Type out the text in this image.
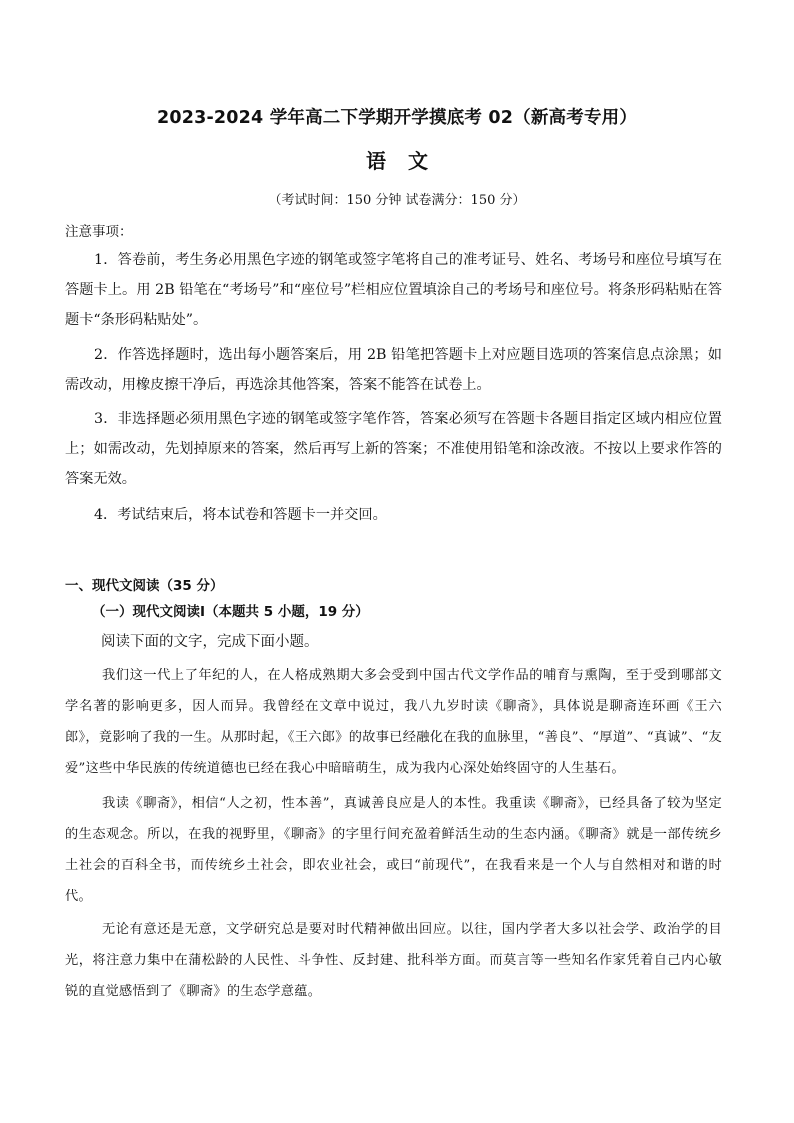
2023-2024 学年高二下学期开学摸底考 02（新高考专用）
语文
（考试时间：150 分钟 试卷满分：150 分）
注意事项：

1．答卷前，考生务必用黑色字迹的钢笔或签字笔将自己的准考证号、姓名、考场号和座位号填写在答题卡上。用 2B 铅笔在“考场号”和“座位号”栏相应位置填涂自己的考场号和座位号。将条形码粘贴在答题卡“条形码粘贴处”。

2．作答选择题时，选出每小题答案后，用 2B 铅笔把答题卡上对应题目选项的答案信息点涂黑；如需改动，用橡皮擦干净后，再选涂其他答案，答案不能答在试卷上。

3．非选择题必须用黑色字迹的钢笔或签字笔作答，答案必须写在答题卡各题目指定区域内相应位置上；如需改动，先划掉原来的答案，然后再写上新的答案；不准使用铅笔和涂改液。不按以上要求作答的答案无效。

4．考试结束后，将本试卷和答题卡一并交回。

一、现代文阅读（35 分）
（一）现代文阅读Ⅰ（本题共 5 小题，19 分）
阅读下面的文字，完成下面小题。

我们这一代上了年纪的人，在人格成熟期大多会受到中国古代文学作品的哺育与熏陶，至于受到哪部文学名著的影响更多，因人而异。我曾经在文章中说过，我八九岁时读《聊斋》，具体说是聊斋连环画《王六郎》，竟影响了我的一生。从那时起，《王六郎》的故事已经融化在我的血脉里，“善良”、“厚道”、“真诚”、“友爱”这些中华民族的传统道德也已经在我心中暗暗萌生，成为我内心深处始终固守的人生基石。

我读《聊斋》，相信“人之初，性本善”，真诚善良应是人的本性。我重读《聊斋》，已经具备了较为坚定的生态观念。所以，在我的视野里，《聊斋》的字里行间充盈着鲜活生动的生态内涵。《聊斋》就是一部传统乡土社会的百科全书，而传统乡土社会，即农业社会，或曰“前现代”，在我看来是一个人与自然相对和谐的时代。

无论有意还是无意，文学研究总是要对时代精神做出回应。以往，国内学者大多以社会学、政治学的目光，将注意力集中在蒲松龄的人民性、斗争性、反封建、批科举方面。而莫言等一些知名作家凭着自己内心敏锐的直觉感悟到了《聊斋》的生态学意蕴。
